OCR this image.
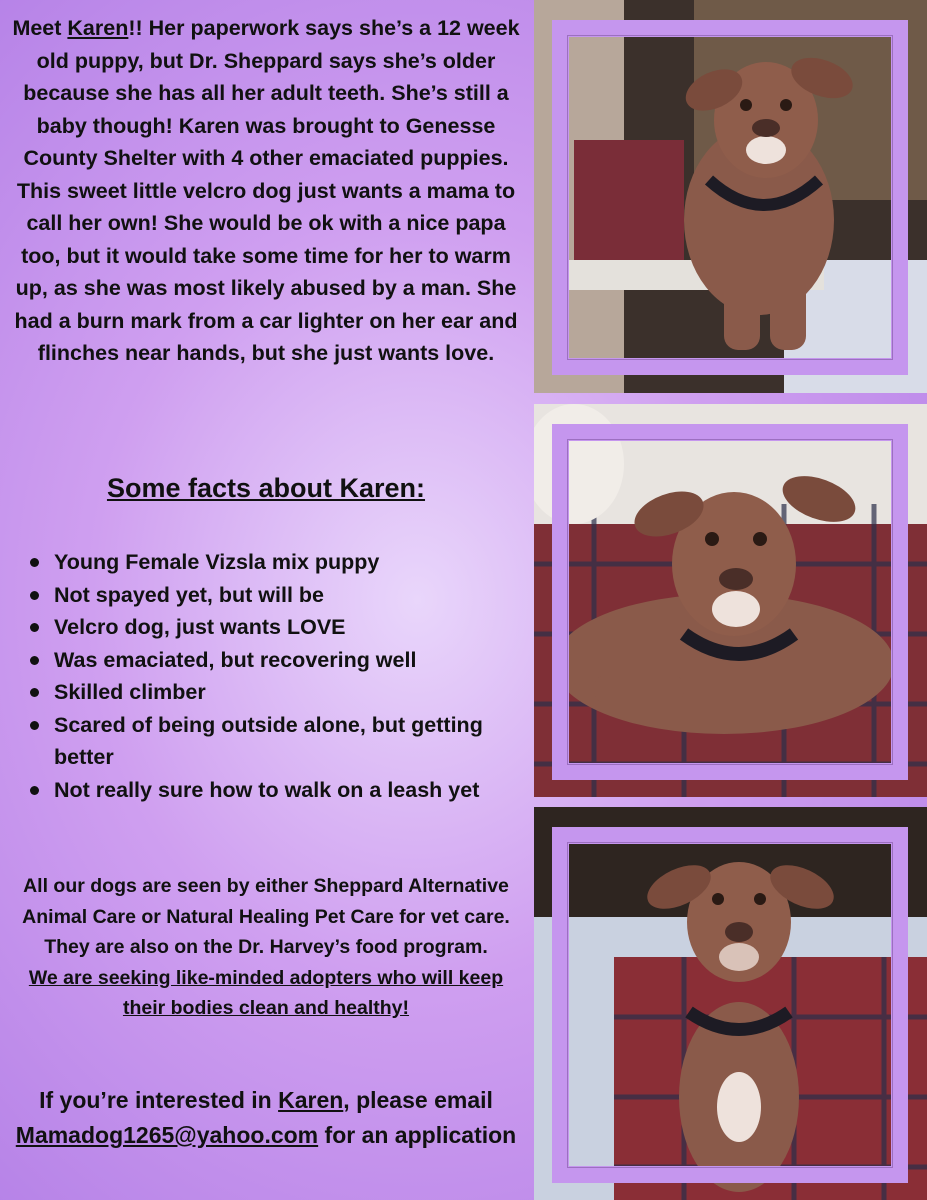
Meet Karen!! Her paperwork says she’s a 12 week old puppy, but Dr. Sheppard says she’s older because she has all her adult teeth. She’s still a baby though! Karen was brought to Genesse County Shelter with 4 other emaciated puppies. This sweet little velcro dog just wants a mama to call her own! She would be ok with a nice papa too, but it would take some time for her to warm up, as she was most likely abused by a man. She had a burn mark from a car lighter on her ear and flinches near hands, but she just wants love.
Some facts about Karen:
Young Female Vizsla mix puppy
Not spayed yet, but will be
Velcro dog, just wants LOVE
Was emaciated, but recovering well
Skilled climber
Scared of being outside alone, but getting better
Not really sure how to walk on a leash yet
All our dogs are seen by either Sheppard Alternative Animal Care or Natural Healing Pet Care for vet care. They are also on the Dr. Harvey’s food program.
We are seeking like-minded adopters who will keep their bodies clean and healthy!
If you’re interested in Karen, please email Mamadog1265@yahoo.com for an application
